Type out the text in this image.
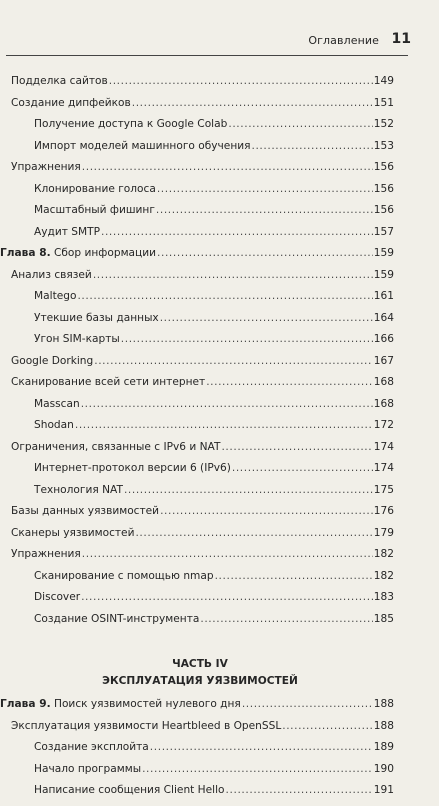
Оглавление 11
Подделка сайтов .....	149
Создание дипфейков .....	151
Получение доступа к Google Colab .....	152
Импорт моделей машинного обучения .....	153
Упражнения .....	156
Клонирование голоса .....	156
Масштабный фишинг .....	156
Аудит SMTP .....	157
Глава 8. Сбор информации .....	159
Анализ связей .....	159
Maltego .....	161
Утекшие базы данных .....	164
Угон SIM-карты .....	166
Google Dorking .....	167
Сканирование всей сети интернет .....	168
Masscan .....	168
Shodan .....	172
Ограничения, связанные с IPv6 и NAT .....	174
Интернет-протокол версии 6 (IPv6) .....	174
Технология NAT .....	175
Базы данных уязвимостей .....	176
Сканеры уязвимостей .....	179
Упражнения .....	182
Сканирование с помощью nmap .....	182
Discover .....	183
Создание OSINT-инструмента .....	185
ЧАСТЬ IV
ЭКСПЛУАТАЦИЯ УЯЗВИМОСТЕЙ
Глава 9. Поиск уязвимостей нулевого дня .....	188
Эксплуатация уязвимости Heartbleed в OpenSSL .....	188
Создание эксплойта .....	189
Начало программы .....	190
Написание сообщения Client Hello .....	191
